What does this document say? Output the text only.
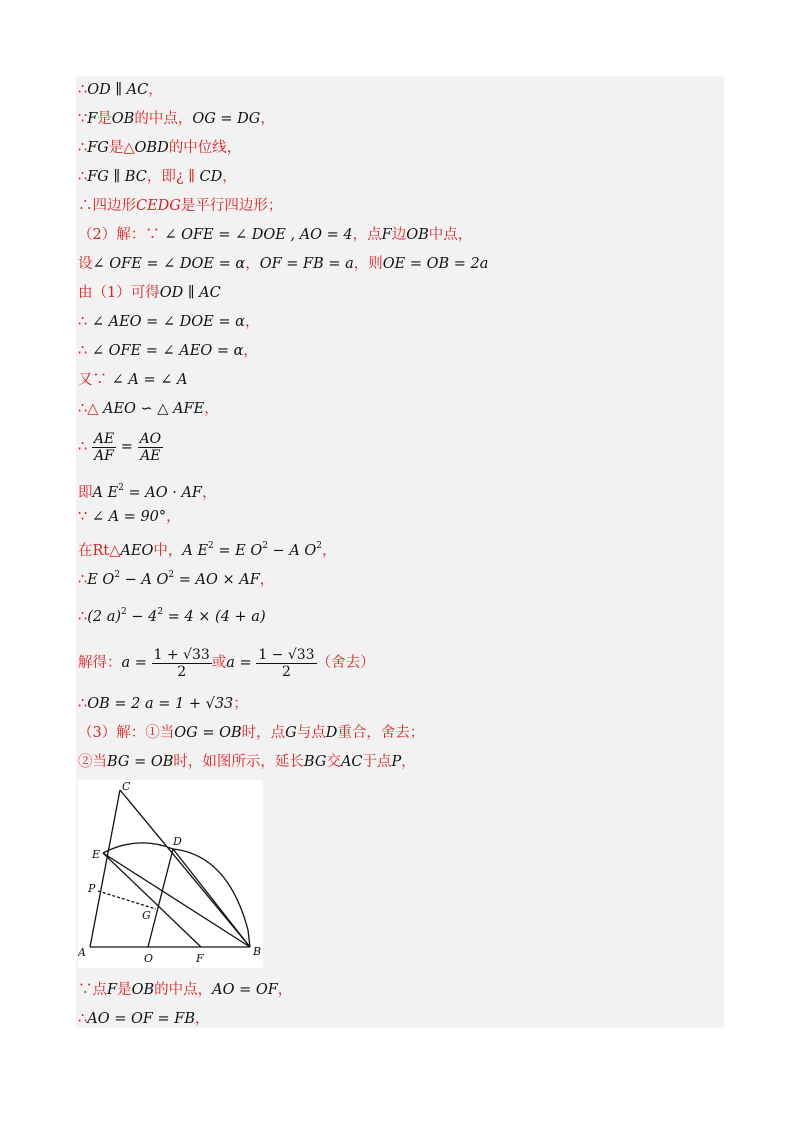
∴OD ∥ AC，
∵F是OB的中点，OG = DG，
∴FG是△OBD的中位线，
∴FG ∥ BC，即¿ ∥ CD，
∴四边形CEDG是平行四边形；
（2）解：∵ ∠ OFE = ∠ DOE , AO = 4，点F边OB中点，
设∠ OFE = ∠ DOE = α，OF = FB = a，则OE = OB = 2a
由（1）可得OD ∥ AC
∴ ∠ AEO = ∠ DOE = α，
∴ ∠ OFE = ∠ AEO = α，
又∵ ∠ A = ∠ A
∴△ AEO ∽ △ AFE，
∴ $\frac{AE}{AF} = \frac{AO}{AE}$
即A $E^2$ = AO · AF，
∵ ∠ A = 90°，
在Rt△AEO中，A $E^2 = E$ $O^2 - A$ $O^2$，
∴E $O^2 - A$ $O^2$ = AO × AF，
∴(2 $a)^2 - 4^2 = 4 \times (4 + a)$
解得：$a = \frac{1 + √33}{2}$ 或$a = \frac{1 - √33}{2}$ （舍去）
∴OB = 2 a = 1 + √33；
（3）解：①当OG = OB时，点G与点D重合，舍去；
②当BG = OB时，如图所示，延长BG交AC于点P，
C
D
E
P
G
A	O	F
B
∵点F是OB的中点，AO = OF，
∴AO = OF = FB，
